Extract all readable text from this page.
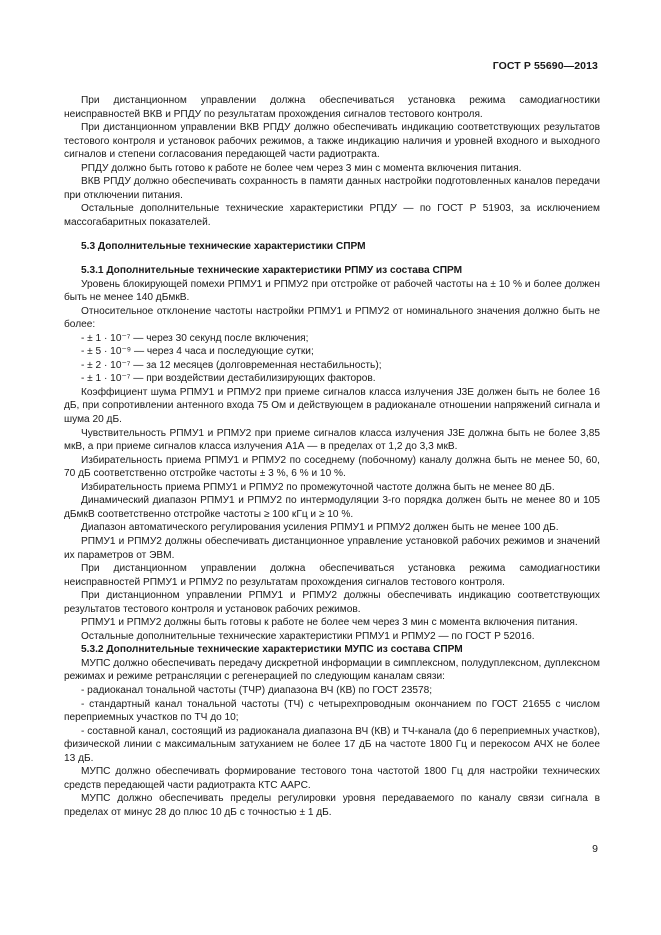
ГОСТ Р 55690—2013

При дистанционном управлении должна обеспечиваться установка режима самодиагностики неисправностей ВКВ и РПДУ по результатам прохождения сигналов тестового контроля.

При дистанционном управлении ВКВ РПДУ должно обеспечивать индикацию соответствующих результатов тестового контроля и установок рабочих режимов, а также индикацию наличия и уровней входного и выходного сигналов и степени согласования передающей части радиотракта.

РПДУ должно быть готово к работе не более чем через 3 мин с момента включения питания.

ВКВ РПДУ должно обеспечивать сохранность в памяти данных настройки подготовленных каналов передачи при отключении питания.

Остальные дополнительные технические характеристики РПДУ — по ГОСТ Р 51903, за исключением массогабаритных показателей.

5.3 Дополнительные технические характеристики СПРМ

5.3.1 Дополнительные технические характеристики РПМУ из состава СПРМ

Уровень блокирующей помехи РПМУ1 и РПМУ2 при отстройке от рабочей частоты на ± 10 % и более должен быть не менее 140 дБмкВ.

Относительное отклонение частоты настройки РПМУ1 и РПМУ2 от номинального значения должно быть не более:

- ± 1 · 10⁻⁷ — через 30 секунд после включения;

- ± 5 · 10⁻⁹ — через 4 часа и последующие сутки;

- ± 2 · 10⁻⁷ — за 12 месяцев (долговременная нестабильность);

- ± 1 · 10⁻⁷ — при воздействии дестабилизирующих факторов.

Коэффициент шума РПМУ1 и РПМУ2 при приеме сигналов класса излучения J3E должен быть не более 16 дБ, при сопротивлении антенного входа 75 Ом и действующем в радиоканале отношении напряжений сигнала и шума 20 дБ.

Чувствительность РПМУ1 и РПМУ2 при приеме сигналов класса излучения J3E должна быть не более 3,85 мкВ, а при приеме сигналов класса излучения А1А — в пределах от 1,2 до 3,3 мкВ.

Избирательность приема РПМУ1 и РПМУ2 по соседнему (побочному) каналу должна быть не менее 50, 60, 70 дБ соответственно отстройке частоты ± 3 %, 6 % и 10 %.

Избирательность приема РПМУ1 и РПМУ2 по промежуточной частоте должна быть не менее 80 дБ.

Динамический диапазон РПМУ1 и РПМУ2 по интермодуляции 3-го порядка должен быть не менее 80 и 105 дБмкВ соответственно отстройке частоты ≥ 100 кГц и ≥ 10 %.

Диапазон автоматического регулирования усиления РПМУ1 и РПМУ2 должен быть не менее 100 дБ.

РПМУ1 и РПМУ2 должны обеспечивать дистанционное управление установкой рабочих режимов и значений их параметров от ЭВМ.

При дистанционном управлении должна обеспечиваться установка режима самодиагностики неисправностей РПМУ1 и РПМУ2 по результатам прохождения сигналов тестового контроля.

При дистанционном управлении РПМУ1 и РПМУ2 должны обеспечивать индикацию соответствующих результатов тестового контроля и установок рабочих режимов.

РПМУ1 и РПМУ2 должны быть готовы к работе не более чем через 3 мин с момента включения питания.

Остальные дополнительные технические характеристики РПМУ1 и РПМУ2 — по ГОСТ Р 52016.

5.3.2 Дополнительные технические характеристики МУПС из состава СПРМ

МУПС должно обеспечивать передачу дискретной информации в симплексном, полудуплексном, дуплексном режимах и режиме ретрансляции с регенерацией по следующим каналам связи:

- радиоканал тональной частоты (ТЧР) диапазона ВЧ (КВ) по ГОСТ 23578;

- стандартный канал тональной частоты (ТЧ) с четырехпроводным окончанием по ГОСТ 21655 с числом переприемных участков по ТЧ до 10;

- составной канал, состоящий из радиоканала диапазона ВЧ (КВ) и ТЧ-канала (до 6 переприемных участков), физической линии с максимальным затуханием не более 17 дБ на частоте 1800 Гц и перекосом АЧХ не более 13 дБ.

МУПС должно обеспечивать формирование тестового тона частотой 1800 Гц для настройки технических средств передающей части радиотракта КТС ААРС.

МУПС должно обеспечивать пределы регулировки уровня передаваемого по каналу связи сигнала в пределах от минус 28 до плюс 10 дБ с точностью ± 1 дБ.

9
